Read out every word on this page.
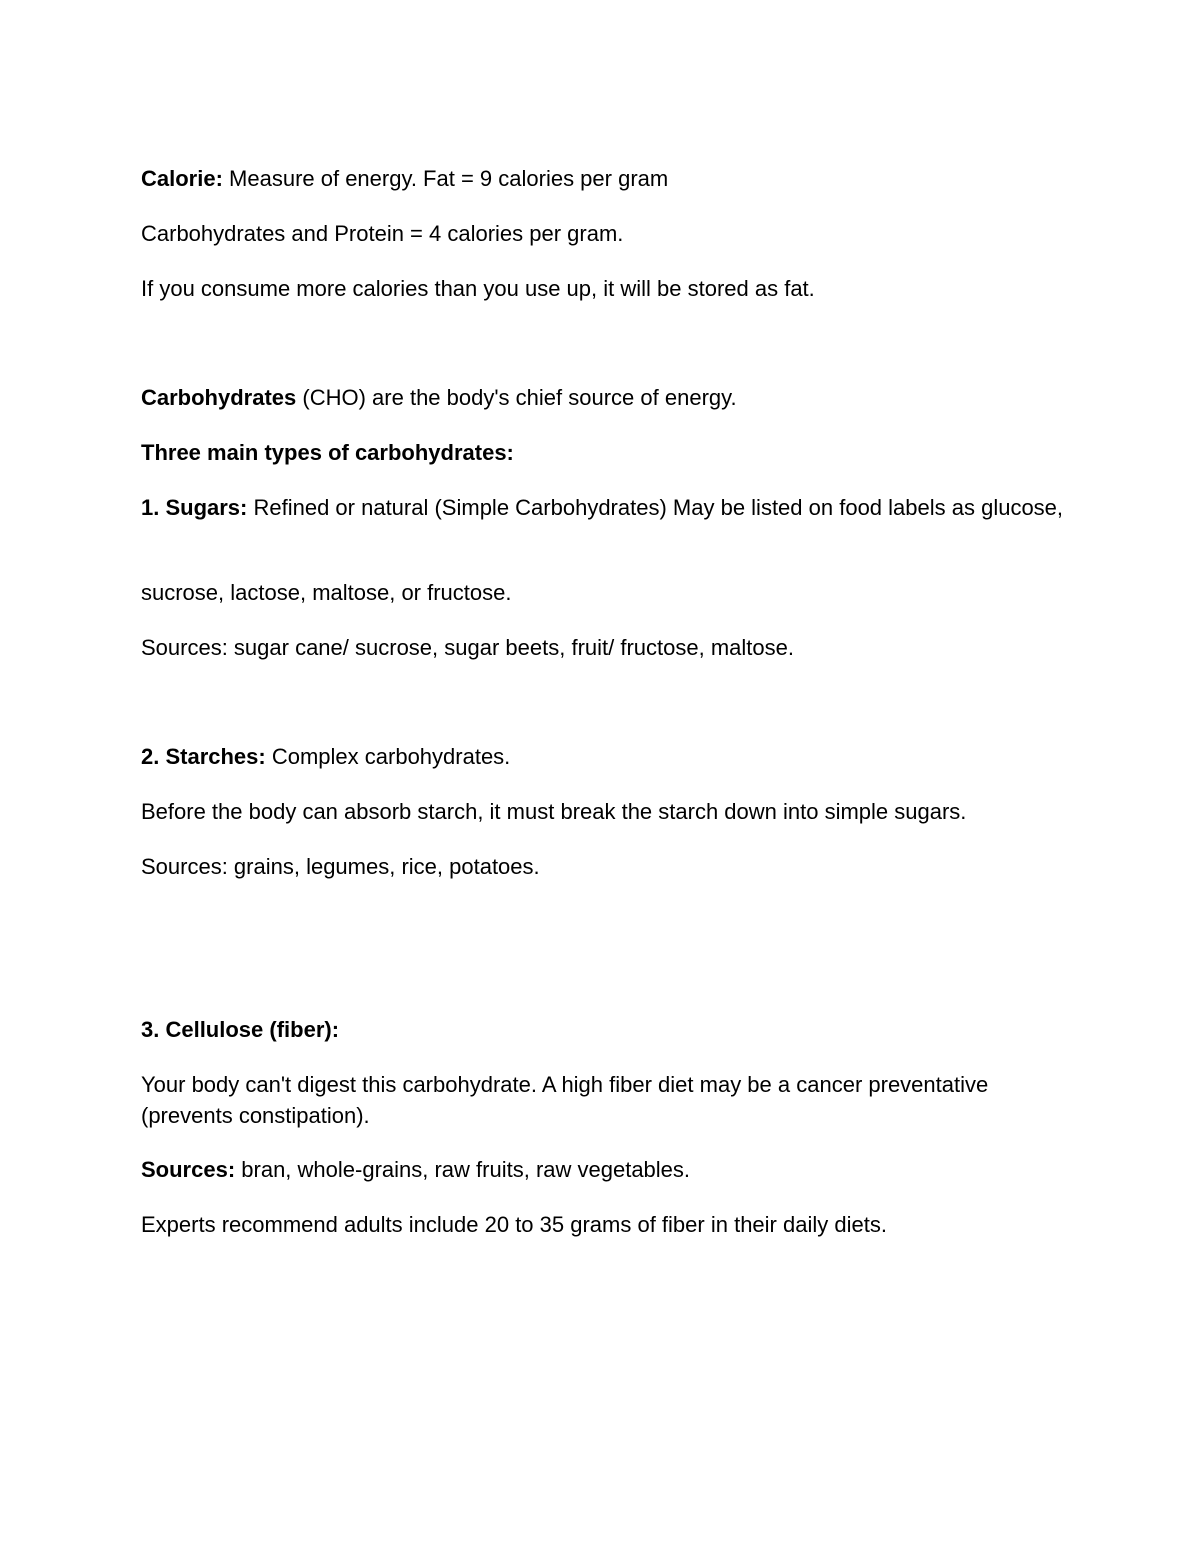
Calorie: Measure of energy. Fat = 9 calories per gram

Carbohydrates and Protein = 4 calories per gram.

If you consume more calories than you use up, it will be stored as fat.

Carbohydrates (CHO) are the body's chief source of energy.

Three main types of carbohydrates:

1. Sugars: Refined or natural (Simple Carbohydrates) May be listed on food labels as glucose,

sucrose, lactose, maltose, or fructose.

Sources: sugar cane/ sucrose, sugar beets, fruit/ fructose, maltose.

2. Starches: Complex carbohydrates.

Before the body can absorb starch, it must break the starch down into simple sugars.

Sources: grains, legumes, rice, potatoes.

3. Cellulose (fiber):

Your body can't digest this carbohydrate. A high fiber diet may be a cancer preventative (prevents constipation).

Sources: bran, whole-grains, raw fruits, raw vegetables.

Experts recommend adults include 20 to 35 grams of fiber in their daily diets.
